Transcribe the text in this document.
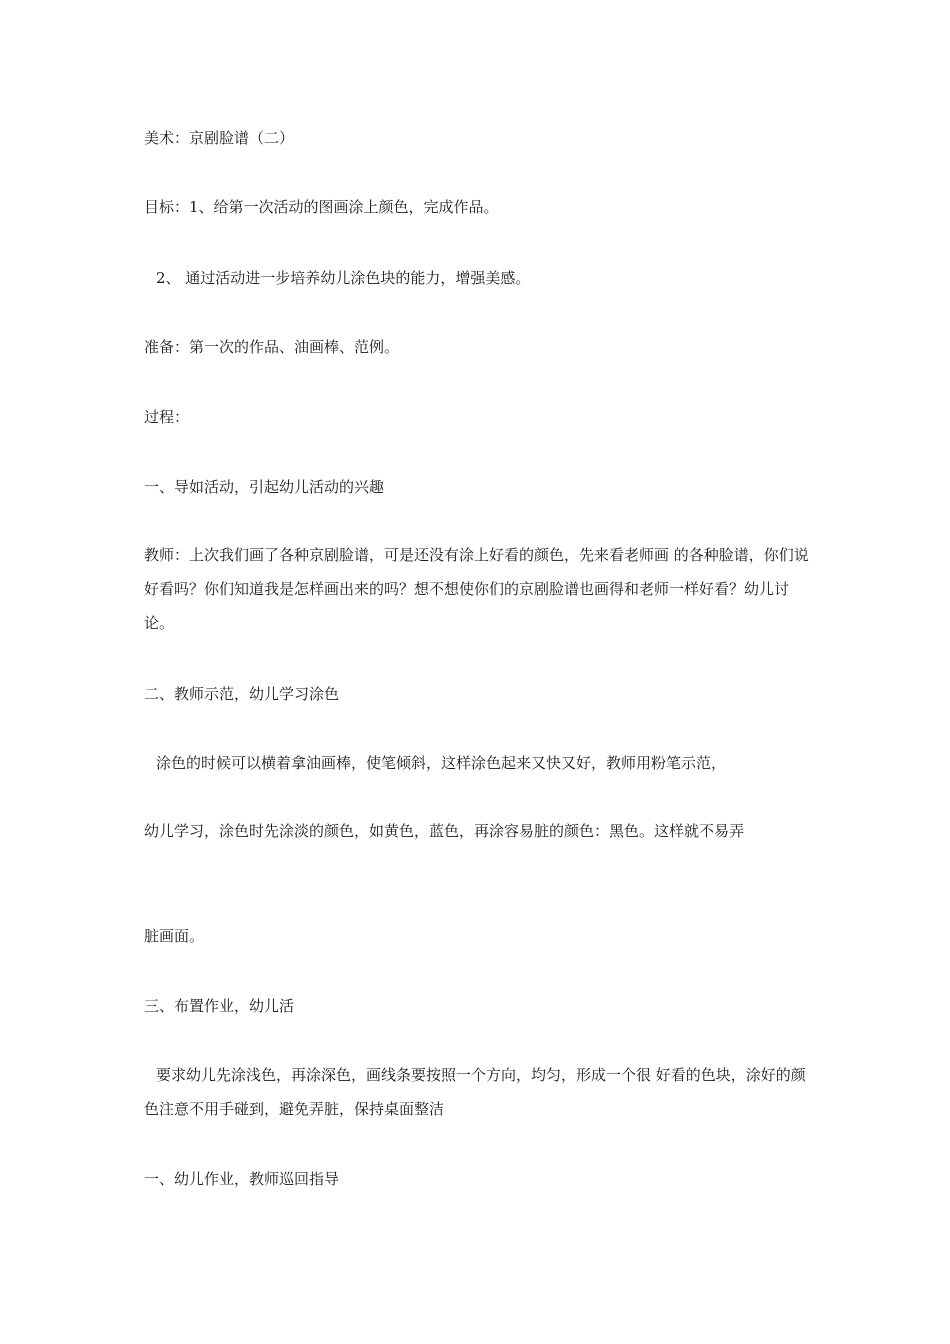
美术：京剧脸谱（二）
目标：1、给第一次活动的图画涂上颜色，完成作品。
2、 通过活动进一步培养幼儿涂色块的能力，增强美感。
准备：第一次的作品、油画棒、范例。
过程：
一、导如活动，引起幼儿活动的兴趣
教师：上次我们画了各种京剧脸谱，可是还没有涂上好看的颜色，先来看老师画 的各种脸谱，你们说好看吗？你们知道我是怎样画出来的吗？想不想使你们的京剧脸谱也画得和老师一样好看？幼儿讨论。
二、教师示范，幼儿学习涂色
涂色的时候可以横着拿油画棒，使笔倾斜，这样涂色起来又快又好，教师用粉笔示范，
幼儿学习，涂色时先涂淡的颜色，如黄色，蓝色，再涂容易脏的颜色：黑色。这样就不易弄
脏画面。
三、布置作业，幼儿活
要求幼儿先涂浅色，再涂深色，画线条要按照一个方向，均匀，形成一个很 好看的色块，涂好的颜色注意不用手碰到，避免弄脏，保持桌面整洁
一、幼儿作业，教师巡回指导
